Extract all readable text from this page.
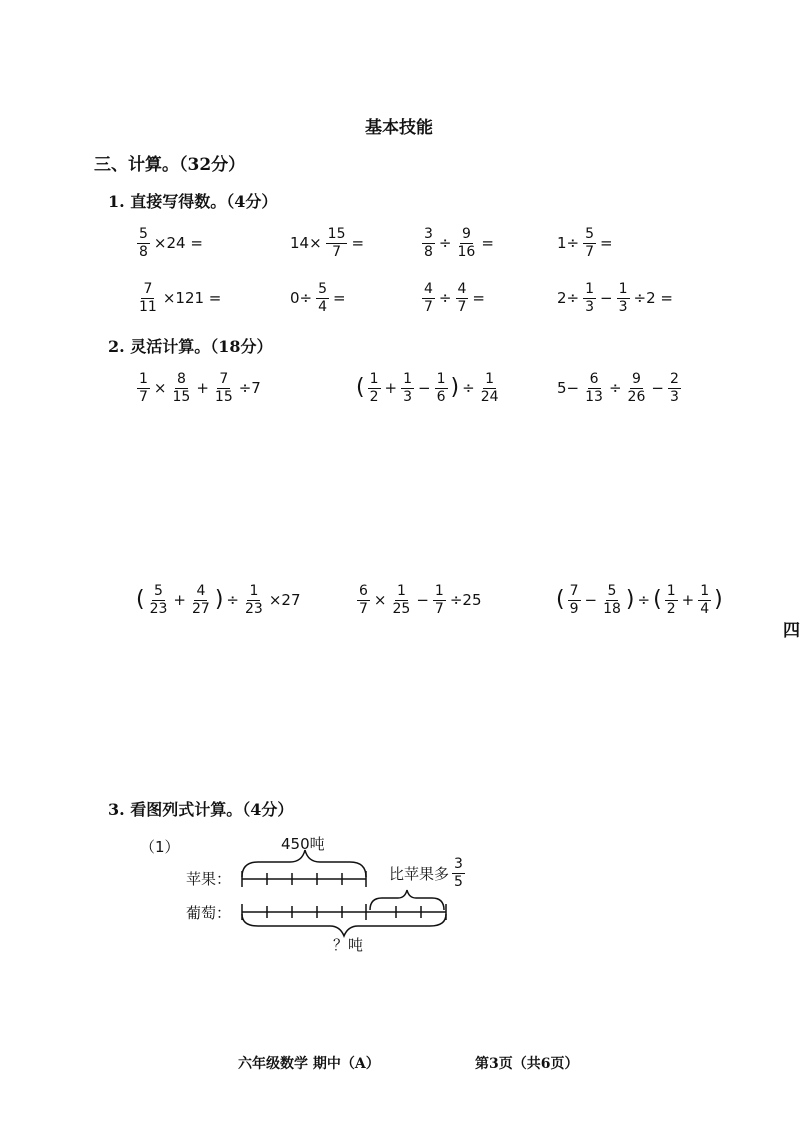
基本技能
三、计算。（32分）
1. 直接写得数。（4分）
$\frac{5}{8} \times 24$ =	$14\times \frac{15}{7}$ =	$\frac{3}{8} \div \frac{9}{16}$ =	$1\div \frac{5}{7}$ =
$\frac{7}{11} \times 121$ =	$0\div \frac{5}{4}$ =	$\frac{4}{7} \div \frac{4}{7}$ =	$2\div \frac{1}{3} - \frac{1}{3} \div 2$ =
2. 灵活计算。（18分）
$\frac{1}{7} \times \frac{8}{15} + \frac{7}{15} \div 7$	( $\frac{1}{2} + \frac{1}{3} - \frac{1}{6}$ ) ÷ $\frac{1}{24}$	$5- \frac{6}{13} \div \frac{9}{26} - \frac{2}{3}$
( $\frac{5}{23} + \frac{4}{27}$ ) ÷ $\frac{1}{23} \times 27$	$\frac{6}{7} \times \frac{1}{25} - \frac{1}{7} \div 25$	( $\frac{7}{9} - \frac{5}{18}$ ) ÷ ( $\frac{1}{2} + \frac{1}{4}$ )
四
3. 看图列式计算。（4分）
（1）	450吨
苹果：
葡萄：
比苹果多 $\frac{3}{5}$
？吨
六年级数学 期中（A）	第3页（共6页）
